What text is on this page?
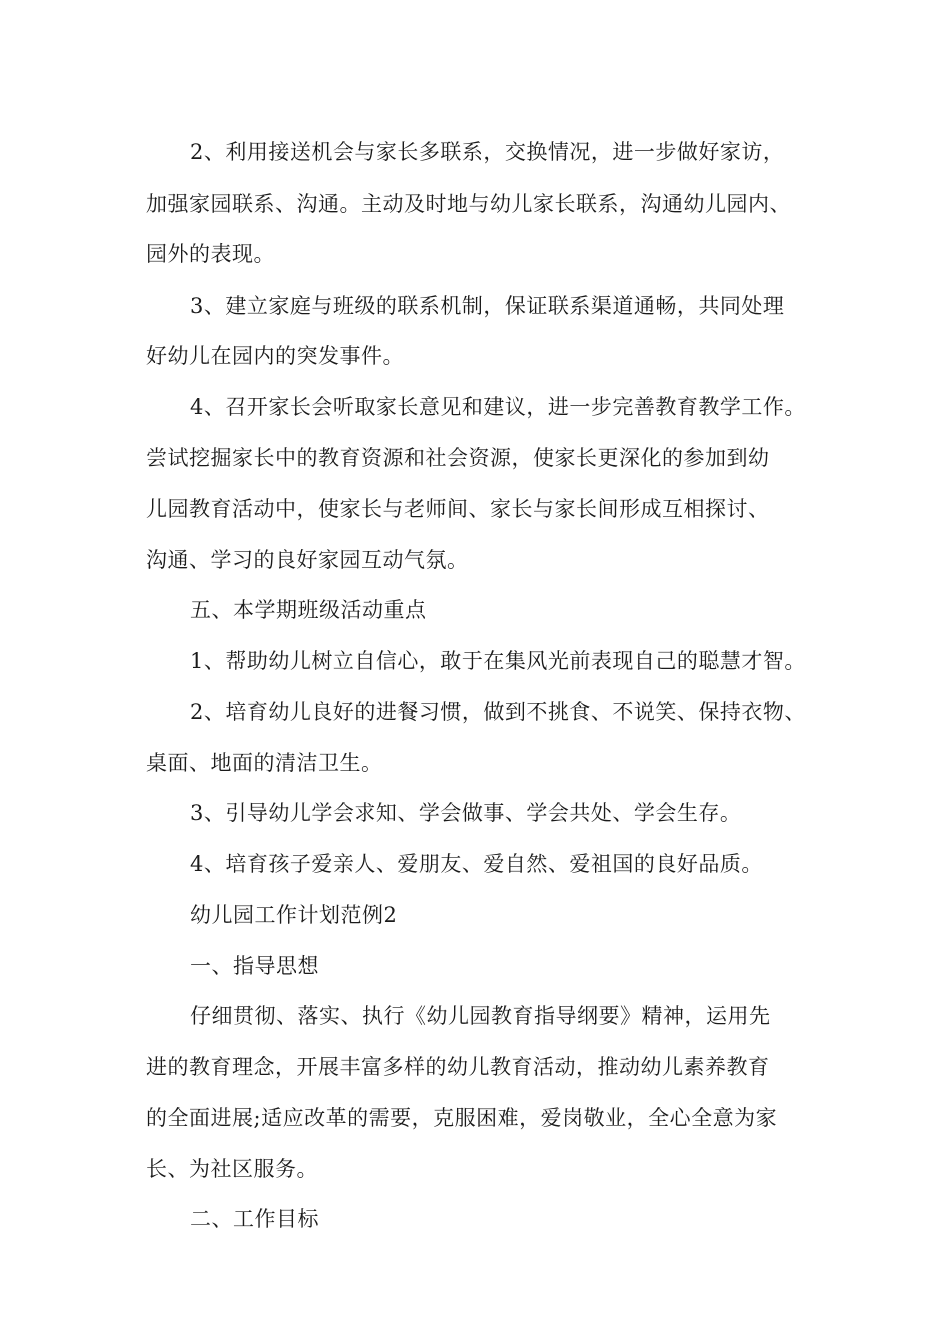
2、利用接送机会与家长多联系，交换情况，进一步做好家访，
加强家园联系、沟通。主动及时地与幼儿家长联系，沟通幼儿园内、
园外的表现。
3、建立家庭与班级的联系机制，保证联系渠道通畅，共同处理
好幼儿在园内的突发事件。
4、召开家长会听取家长意见和建议，进一步完善教育教学工作。
尝试挖掘家长中的教育资源和社会资源，使家长更深化的参加到幼
儿园教育活动中，使家长与老师间、家长与家长间形成互相探讨、
沟通、学习的良好家园互动气氛。
五、本学期班级活动重点
1、帮助幼儿树立自信心，敢于在集风光前表现自己的聪慧才智。
2、培育幼儿良好的进餐习惯，做到不挑食、不说笑、保持衣物、
桌面、地面的清洁卫生。
3、引导幼儿学会求知、学会做事、学会共处、学会生存。
4、培育孩子爱亲人、爱朋友、爱自然、爱祖国的良好品质。
幼儿园工作计划范例2
一、指导思想
仔细贯彻、落实、执行《幼儿园教育指导纲要》精神，运用先
进的教育理念，开展丰富多样的幼儿教育活动，推动幼儿素养教育
的全面进展;适应改革的需要，克服困难，爱岗敬业，全心全意为家
长、为社区服务。
二、工作目标
